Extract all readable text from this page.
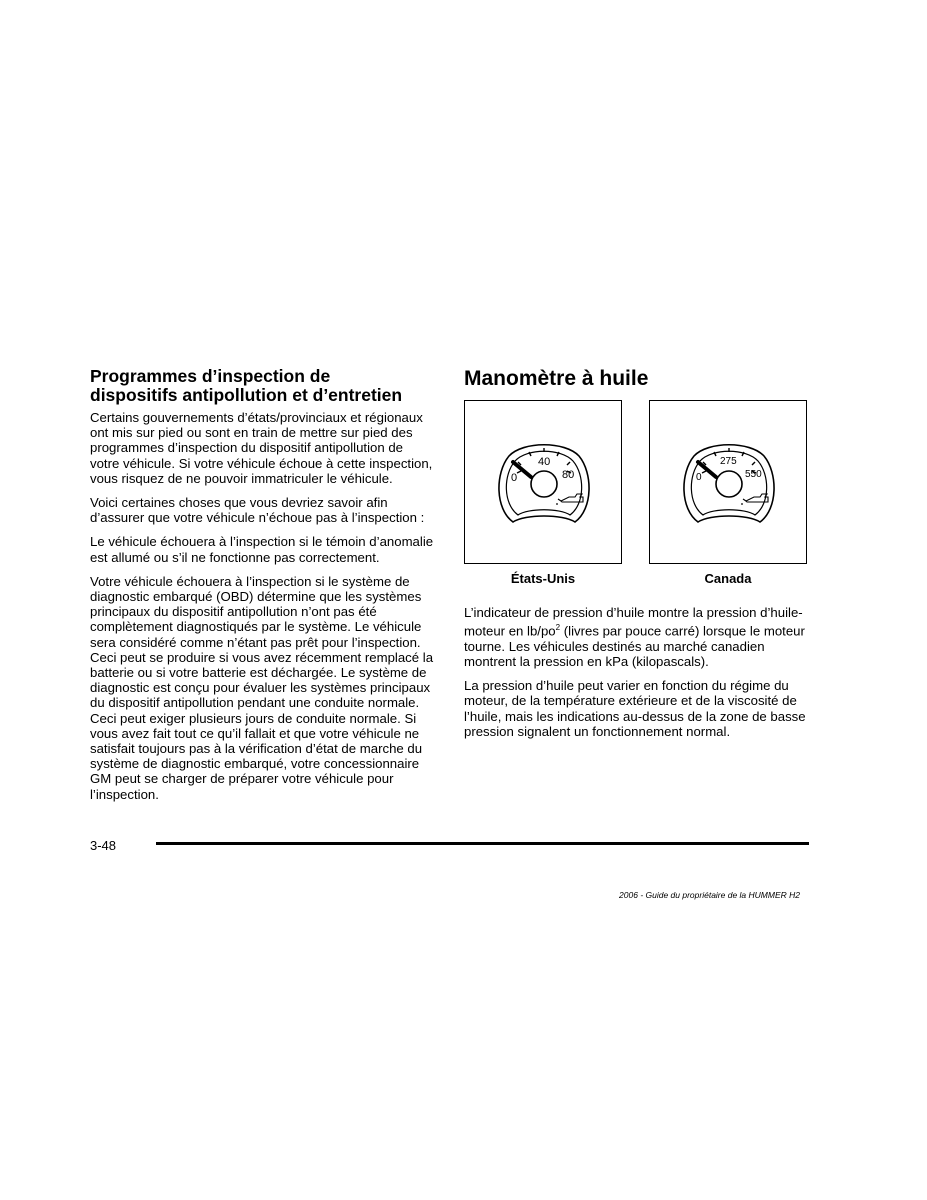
Programmes d’inspection de
dispositifs antipollution et d’entretien

Certains gouvernements d’états/provinciaux et régionaux ont mis sur pied ou sont en train de mettre sur pied des programmes d’inspection du dispositif antipollution de votre véhicule. Si votre véhicule échoue à cette inspection, vous risquez de ne pouvoir immatriculer le véhicule.

Voici certaines choses que vous devriez savoir afin d’assurer que votre véhicule n’échoue pas à l’inspection :

Le véhicule échouera à l’inspection si le témoin d’anomalie est allumé ou s’il ne fonctionne pas correctement.

Votre véhicule échouera à l’inspection si le système de diagnostic embarqué (OBD) détermine que les systèmes principaux du dispositif antipollution n’ont pas été complètement diagnostiqués par le système. Le véhicule sera considéré comme n’étant pas prêt pour l’inspection. Ceci peut se produire si vous avez récemment remplacé la batterie ou si votre batterie est déchargée. Le système de diagnostic est conçu pour évaluer les systèmes principaux du dispositif antipollution pendant une conduite normale. Ceci peut exiger plusieurs jours de conduite normale. Si vous avez fait tout ce qu’il fallait et que votre véhicule ne satisfait toujours pas à la vérification d’état de marche du système de diagnostic embarqué, votre concessionnaire GM peut se charger de préparer votre véhicule pour l’inspection.

Manomètre à huile
0
40
80	0
275
550
États-Unis	Canada

L’indicateur de pression d’huile montre la pression d’huile-moteur en $lb/po^2$ (livres par pouce carré) lorsque le moteur tourne. Les véhicules destinés au marché canadien montrent la pression en kPa (kilopascals).

La pression d’huile peut varier en fonction du régime du moteur, de la température extérieure et de la viscosité de l’huile, mais les indications au-dessus de la zone de basse pression signalent un fonctionnement normal.

3-48
2006 - Guide du propriétaire de la HUMMER H2
